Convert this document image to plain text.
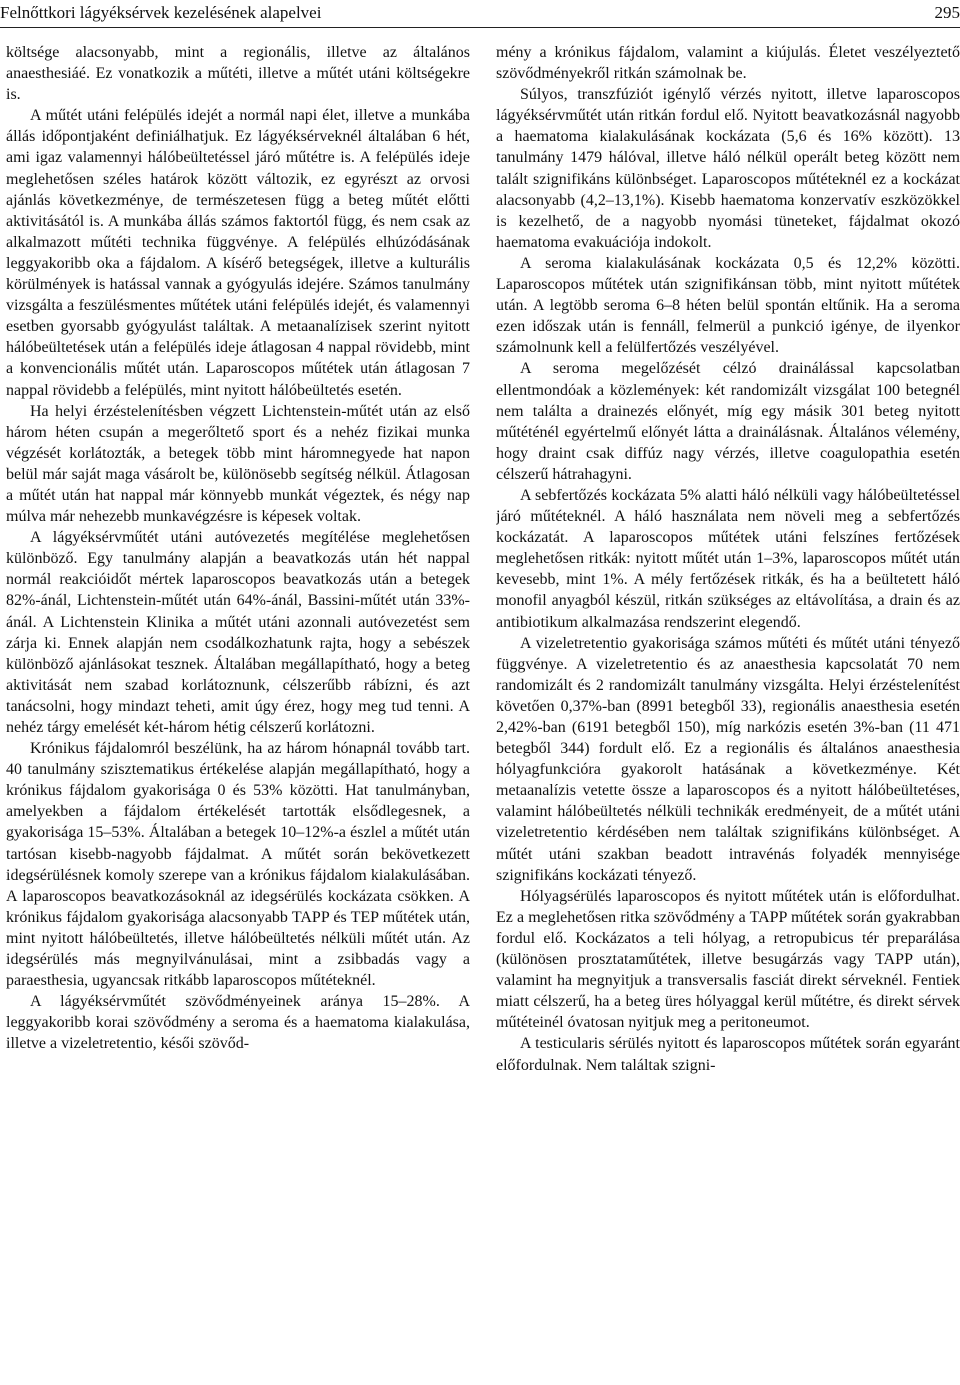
Felnőttkori lágyéksérvek kezelésének alapelvei	295

költsége alacsonyabb, mint a regionális, illetve az általános anaesthesiáé. Ez vonatkozik a műtéti, illetve a műtét utáni költségekre is.

A műtét utáni felépülés idejét a normál napi élet, illetve a munkába állás időpontjaként definiálhatjuk. Ez lágyéksérveknél általában 6 hét, ami igaz valamennyi hálóbeültetéssel járó műtétre is. A felépülés ideje meglehetősen széles határok között változik, ez egyrészt az orvosi ajánlás következménye, de természetesen függ a beteg műtét előtti aktivitásától is. A munkába állás számos faktortól függ, és nem csak az alkalmazott műtéti technika függvénye. A felépülés elhúzódásának leggyakoribb oka a fájdalom. A kísérő betegségek, illetve a kulturális körülmények is hatással vannak a gyógyulás idejére. Számos tanulmány vizsgálta a feszülésmentes műtétek utáni felépülés idejét, és valamennyi esetben gyorsabb gyógyulást találtak. A metaanalízisek szerint nyitott hálóbeültetések után a felépülés ideje átlagosan 4 nappal rövidebb, mint a konvencionális műtét után. Laparoscopos műtétek után átlagosan 7 nappal rövidebb a felépülés, mint nyitott hálóbeültetés esetén.

Ha helyi érzéstelenítésben végzett Lichtenstein-műtét után az első három héten csupán a megerőltető sport és a nehéz fizikai munka végzését korlátozták, a betegek több mint háromnegyede hat napon belül már saját maga vásárolt be, különösebb segítség nélkül. Átlagosan a műtét után hat nappal már könnyebb munkát végeztek, és négy nap múlva már nehezebb munkavégzésre is képesek voltak.

A lágyéksérvműtét utáni autóvezetés megítélése meglehetősen különböző. Egy tanulmány alapján a beavatkozás után hét nappal normál reakcióidőt mértek laparoscopos beavatkozás után a betegek 82%-ánál, Lichtenstein-műtét után 64%-ánál, Bassini-műtét után 33%-ánál. A Lichtenstein Klinika a műtét utáni azonnali autóvezetést sem zárja ki. Ennek alapján nem csodálkozhatunk rajta, hogy a sebészek különböző ajánlásokat tesznek. Általában megállapítható, hogy a beteg aktivitását nem szabad korlátoznunk, célszerűbb rábízni, és azt tanácsolni, hogy mindazt teheti, amit úgy érez, hogy meg tud tenni. A nehéz tárgy emelését két-három hétig célszerű korlátozni.

Krónikus fájdalomról beszélünk, ha az három hónapnál tovább tart. 40 tanulmány szisztematikus értékelése alapján megállapítható, hogy a krónikus fájdalom gyakorisága 0 és 53% közötti. Hat tanulmányban, amelyekben a fájdalom értékelését tartották elsődlegesnek, a gyakorisága 15–53%. Általában a betegek 10–12%-a észlel a műtét után tartósan kisebb-nagyobb fájdalmat. A műtét során bekövetkezett idegsérülésnek komoly szerepe van a krónikus fájdalom kialakulásában. A laparoscopos beavatkozásoknál az idegsérülés kockázata csökken. A krónikus fájdalom gyakorisága alacsonyabb TAPP és TEP műtétek után, mint nyitott hálóbeültetés, illetve hálóbeültetés nélküli műtét után. Az idegsérülés más megnyilvánulásai, mint a zsibbadás vagy a paraesthesia, ugyancsak ritkább laparoscopos műtéteknél.

A lágyéksérvműtét szövődményeinek aránya 15–28%. A leggyakoribb korai szövődmény a seroma és a haematoma kialakulása, illetve a vizeletretentio, késői szövőd-

mény a krónikus fájdalom, valamint a kiújulás. Életet veszélyeztető szövődményekről ritkán számolnak be.

Súlyos, transzfúziót igénylő vérzés nyitott, illetve laparoscopos lágyéksérvműtét után ritkán fordul elő. Nyitott beavatkozásnál nagyobb a haematoma kialakulásának kockázata (5,6 és 16% között). 13 tanulmány 1479 hálóval, illetve háló nélkül operált beteg között nem talált szignifikáns különbséget. Laparoscopos műtéteknél ez a kockázat alacsonyabb (4,2–13,1%). Kisebb haematoma konzervatív eszközökkel is kezelhető, de a nagyobb nyomási tüneteket, fájdalmat okozó haematoma evakuációja indokolt.

A seroma kialakulásának kockázata 0,5 és 12,2% közötti. Laparoscopos műtétek után szignifikánsan több, mint nyitott műtétek után. A legtöbb seroma 6–8 héten belül spontán eltűnik. Ha a seroma ezen időszak után is fennáll, felmerül a punkció igénye, de ilyenkor számolnunk kell a felülfertőzés veszélyével.

A seroma megelőzését célzó drainálással kapcsolatban ellentmondóak a közlemények: két randomizált vizsgálat 100 betegnél nem találta a drainezés előnyét, míg egy másik 301 beteg nyitott műtéténél egyértelmű előnyét látta a drainálásnak. Általános vélemény, hogy draint csak diffúz nagy vérzés, illetve coagulopathia esetén célszerű hátrahagyni.

A sebfertőzés kockázata 5% alatti háló nélküli vagy hálóbeültetéssel járó műtéteknél. A háló használata nem növeli meg a sebfertőzés kockázatát. A laparoscopos műtétek utáni felszínes fertőzések meglehetősen ritkák: nyitott műtét után 1–3%, laparoscopos műtét után kevesebb, mint 1%. A mély fertőzések ritkák, és ha a beültetett háló monofil anyagból készül, ritkán szükséges az eltávolítása, a drain és az antibiotikum alkalmazása rendszerint elegendő.

A vizeletretentio gyakorisága számos műtéti és műtét utáni tényező függvénye. A vizeletretentio és az anaesthesia kapcsolatát 70 nem randomizált és 2 randomizált tanulmány vizsgálta. Helyi érzéstelenítést követően 0,37%-ban (8991 betegből 33), regionális anaesthesia esetén 2,42%-ban (6191 betegből 150), míg narkózis esetén 3%-ban (11 471 betegből 344) fordult elő. Ez a regionális és általános anaesthesia hólyagfunkcióra gyakorolt hatásának a következménye. Két metaanalízis vetette össze a laparoscopos és a nyitott hálóbeültetéses, valamint hálóbeültetés nélküli technikák eredményeit, de a műtét utáni vizeletretentio kérdésében nem találtak szignifikáns különbséget. A műtét utáni szakban beadott intravénás folyadék mennyisége szignifikáns kockázati tényező.

Hólyagsérülés laparoscopos és nyitott műtétek után is előfordulhat. Ez a meglehetősen ritka szövődmény a TAPP műtétek során gyakrabban fordul elő. Kockázatos a teli hólyag, a retropubicus tér preparálása (különösen prosztataműtétek, illetve besugárzás vagy TAPP után), valamint ha megnyitjuk a transversalis fasciát direkt sérveknél. Fentiek miatt célszerű, ha a beteg üres hólyaggal kerül műtétre, és direkt sérvek műtéteinél óvatosan nyitjuk meg a peritoneumot.

A testicularis sérülés nyitott és laparoscopos műtétek során egyaránt előfordulnak. Nem találtak szigni-
